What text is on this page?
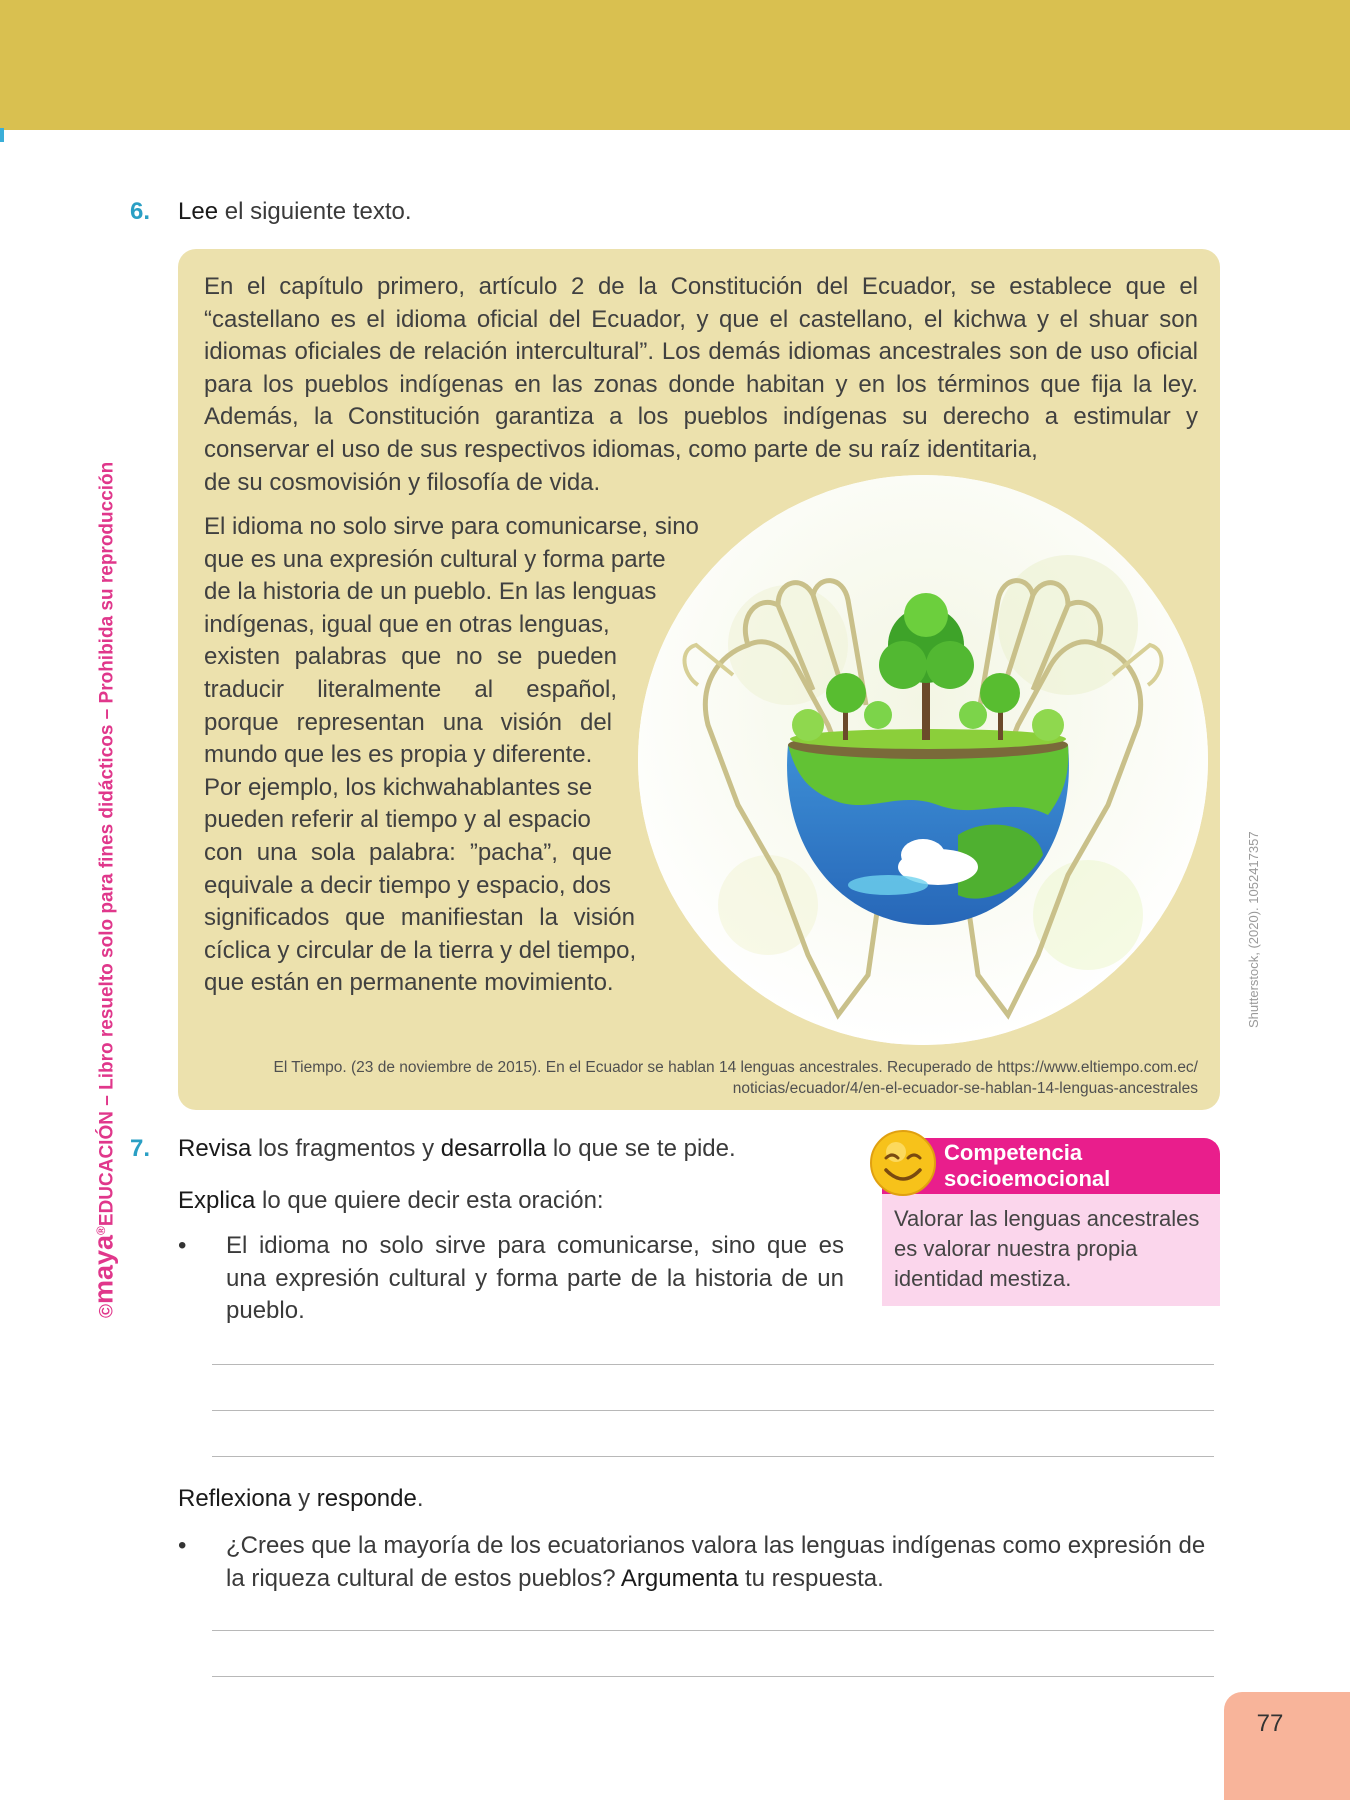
©maya®EDUCACIÓN – Libro resuelto solo para fines didácticos – Prohibida su reproducción	Shutterstock, (2020). 1052417357
6. Lee el siguiente texto.
En el capítulo primero, artículo 2 de la Constitución del Ecuador, se establece que el “castellano es el idioma oficial del Ecuador, y que el castellano, el kichwa y el shuar son idiomas oficiales de relación intercultural”. Los demás idiomas ancestrales son de uso oficial para los pueblos indígenas en las zonas donde habitan y en los términos que fija la ley. Además, la Constitución garantiza a los pueblos indígenas su derecho a estimular y conservar el uso de sus respectivos idiomas, como parte de su raíz identitaria,
de su cosmovisión y filosofía de vida.
El idioma no solo sirve para comunicarse, sino
que es una expresión cultural y forma parte
de la historia de un pueblo. En las lenguas
indígenas, igual que en otras lenguas,
existen palabras que no se pueden
traducir literalmente al español,
porque representan una visión del
mundo que les es propia y diferente.
Por ejemplo, los kichwahablantes se
pueden referir al tiempo y al espacio
con una sola palabra: ”pacha”, que
equivale a decir tiempo y espacio, dos
significados que manifiestan la visión
cíclica y circular de la tierra y del tiempo,
que están en permanente movimiento.
El Tiempo. (23 de noviembre de 2015). En el Ecuador se hablan 14 lenguas ancestrales. Recuperado de https://www.eltiempo.com.ec/
noticias/ecuador/4/en-el-ecuador-se-hablan-14-lenguas-ancestrales
7. Revisa los fragmentos y desarrolla lo que se te pide.
Explica lo que quiere decir esta oración:
• El idioma no solo sirve para comunicarse, sino que es una expresión cultural y forma parte de la historia de un pueblo.
Competencia
socioemocional
Valorar las lenguas ancestrales es valorar nuestra propia identidad mestiza.
Reflexiona y responde.
• ¿Crees que la mayoría de los ecuatorianos valora las lenguas indígenas como expresión de la riqueza cultural de estos pueblos? Argumenta tu respuesta.
77
